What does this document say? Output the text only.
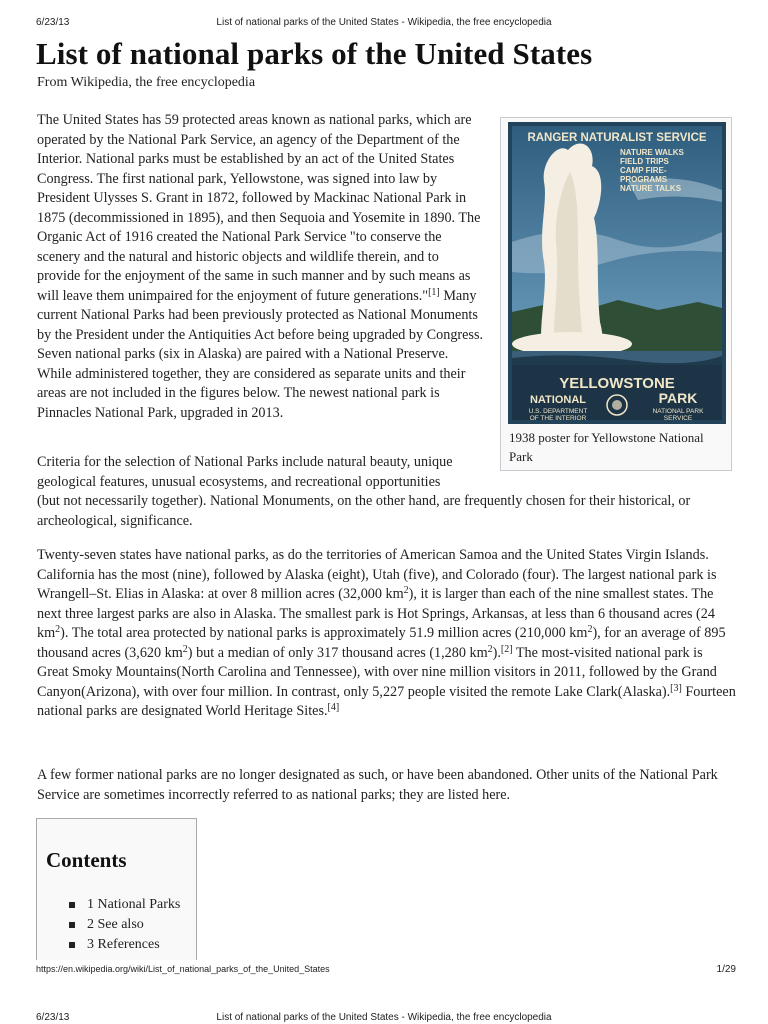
6/23/13	List of national parks of the United States - Wikipedia, the free encyclopedia
List of national parks of the United States
From Wikipedia, the free encyclopedia

The United States has 59 protected areas known as national parks, which are operated by the National Park Service, an agency of the Department of the Interior. National parks must be established by an act of the United States Congress. The first national park, Yellowstone, was signed into law by President Ulysses S. Grant in 1872, followed by Mackinac National Park in 1875 (decommissioned in 1895), and then Sequoia and Yosemite in 1890. The Organic Act of 1916 created the National Park Service "to conserve the scenery and the natural and historic objects and wildlife therein, and to provide for the enjoyment of the same in such manner and by such means as will leave them unimpaired for the enjoyment of future generations."[1] Many current National Parks had been previously protected as National Monuments by the President under the Antiquities Act before being upgraded by Congress. Seven national parks (six in Alaska) are paired with a National Preserve. While administered together, they are considered as separate units and their areas are not included in the figures below. The newest national park is Pinnacles National Park, upgraded in 2013.

Criteria for the selection of National Parks include natural beauty, unique geological features, unusual ecosystems, and recreational opportunities
(but not necessarily together). National Monuments, on the other hand, are frequently chosen for their historical, or archeological, significance.

Twenty-seven states have national parks, as do the territories of American Samoa and the United States Virgin Islands. California has the most (nine), followed by Alaska (eight), Utah (five), and Colorado (four). The largest national park is Wrangell–St. Elias in Alaska: at over 8 million acres (32,000 $km^2$), it is larger than each of the nine smallest states. The next three largest parks are also in Alaska. The smallest park is Hot Springs, Arkansas, at less than 6 thousand acres (24 $km^2$). The total area protected by national parks is approximately 51.9 million acres (210,000 $km^2$), for an average of 895 thousand acres (3,620 $km^2$) but a median of only 317 thousand acres (1,280 $km^2).[2]$ The most-visited national park is Great Smoky Mountains(North Carolina and Tennessee), with over nine million visitors in 2011, followed by the Grand Canyon(Arizona), with over four million. In contrast, only 5,227 people visited the remote Lake Clark(Alaska).[3] Fourteen national parks are designated World Heritage Sites.[4]

A few former national parks are no longer designated as such, or have been abandoned. Other units of the National Park Service are sometimes incorrectly referred to as national parks; they are listed here.

RANGER NATURALIST SERVICE
NATURE WALKS
FIELD TRIPS
CAMP FIRE-
PROGRAMS
NATURE TALKS
YELLOWSTONE
NATIONAL	PARK
U.S. DEPARTMENT
OF THE INTERIOR
NATIONAL PARK
SERVICE
1938 poster for Yellowstone National Park
Contents
1 National Parks
2 See also
3 References
https://en.wikipedia.org/wiki/List_of_national_parks_of_the_United_States	1/29
6/23/13	List of national parks of the United States - Wikipedia, the free encyclopedia
